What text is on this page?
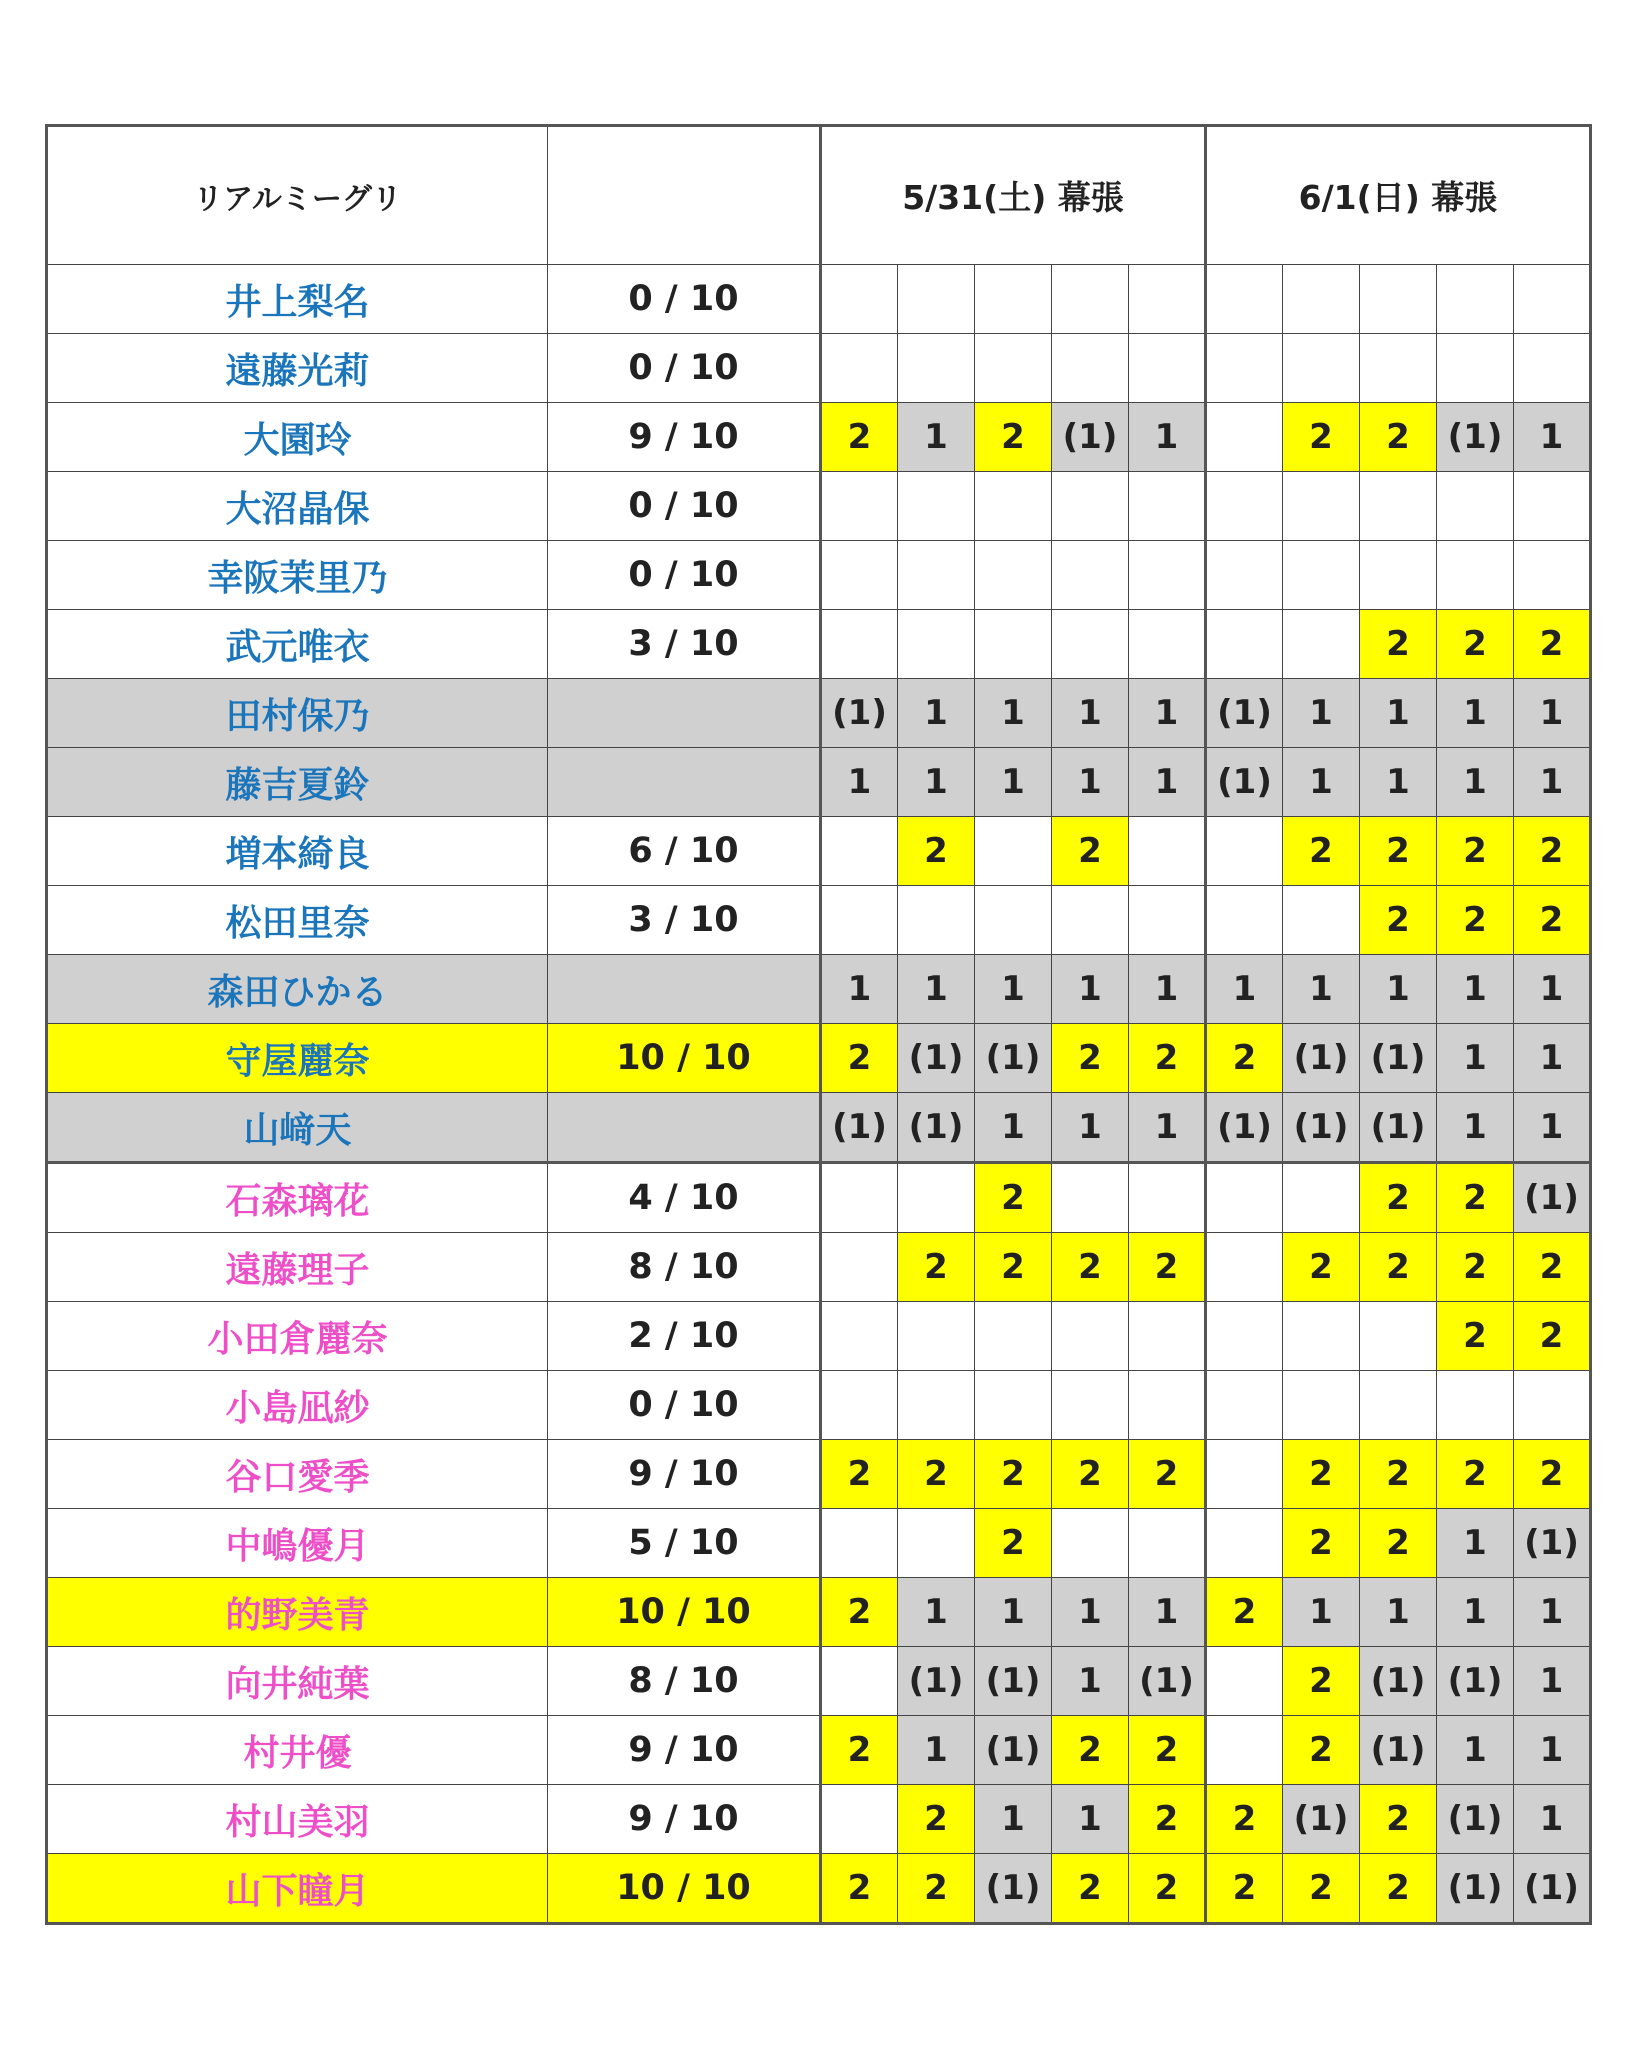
リアルミーグリ		5/31(土) 幕張					6/1(日) 幕張				
井上梨名	0 / 10										
遠藤光莉	0 / 10										
大園玲	9 / 10	2	1	2	(1)	1		2	2	(1)	1
大沼晶保	0 / 10										
幸阪茉里乃	0 / 10										
武元唯衣	3 / 10								2	2	2
田村保乃		(1)	1	1	1	1	(1)	1	1	1	1
藤吉夏鈴		1	1	1	1	1	(1)	1	1	1	1
増本綺良	6 / 10		2		2			2	2	2	2
松田里奈	3 / 10								2	2	2
森田ひかる		1	1	1	1	1	1	1	1	1	1
守屋麗奈	10 / 10	2	(1)	(1)	2	2	2	(1)	(1)	1	1
山﨑天		(1)	(1)	1	1	1	(1)	(1)	(1)	1	1
石森璃花	4 / 10			2					2	2	(1)
遠藤理子	8 / 10		2	2	2	2		2	2	2	2
小田倉麗奈	2 / 10									2	2
小島凪紗	0 / 10										
谷口愛季	9 / 10	2	2	2	2	2		2	2	2	2
中嶋優月	5 / 10			2				2	2	1	(1)
的野美青	10 / 10	2	1	1	1	1	2	1	1	1	1
向井純葉	8 / 10		(1)	(1)	1	(1)		2	(1)	(1)	1
村井優	9 / 10	2	1	(1)	2	2		2	(1)	1	1
村山美羽	9 / 10		2	1	1	2	2	(1)	2	(1)	1
山下瞳月	10 / 10	2	2	(1)	2	2	2	2	2	(1)	(1)
